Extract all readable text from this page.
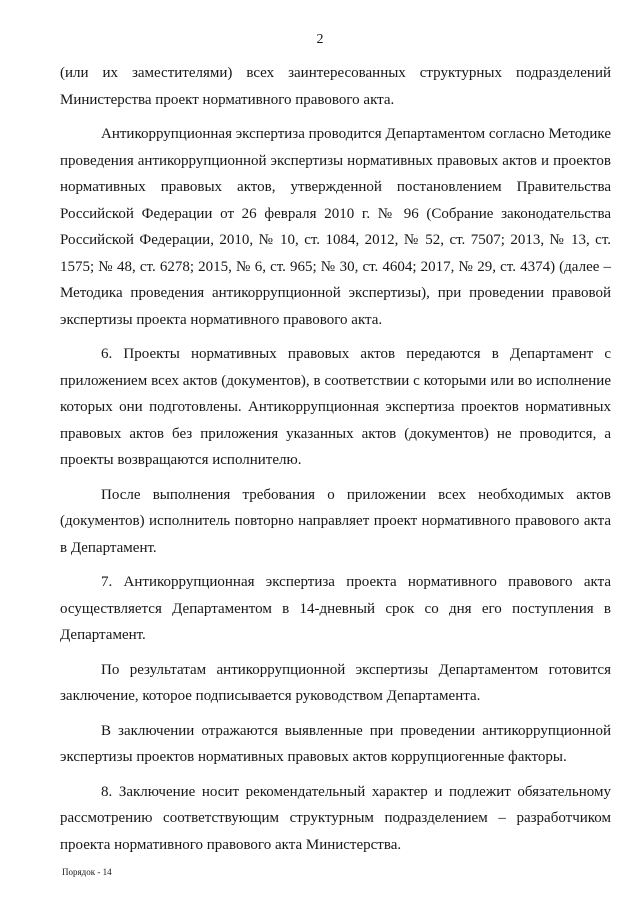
2

(или их заместителями) всех заинтересованных структурных подразделений Министерства проект нормативного правового акта.

Антикоррупционная экспертиза проводится Департаментом согласно Методике проведения антикоррупционной экспертизы нормативных правовых актов и проектов нормативных правовых актов, утвержденной постановлением Правительства Российской Федерации от 26 февраля 2010 г. № 96 (Собрание законодательства Российской Федерации, 2010, № 10, ст. 1084, 2012, № 52, ст. 7507; 2013, № 13, ст. 1575; № 48, ст. 6278; 2015, № 6, ст. 965; № 30, ст. 4604; 2017, № 29, ст. 4374) (далее – Методика проведения антикоррупционной экспертизы), при проведении правовой экспертизы проекта нормативного правового акта.

6. Проекты нормативных правовых актов передаются в Департамент с приложением всех актов (документов), в соответствии с которыми или во исполнение которых они подготовлены. Антикоррупционная экспертиза проектов нормативных правовых актов без приложения указанных актов (документов) не проводится, а проекты возвращаются исполнителю.

После выполнения требования о приложении всех необходимых актов (документов) исполнитель повторно направляет проект нормативного правового акта в Департамент.

7. Антикоррупционная экспертиза проекта нормативного правового акта осуществляется Департаментом в 14-дневный срок со дня его поступления в Департамент.

По результатам антикоррупционной экспертизы Департаментом готовится заключение, которое подписывается руководством Департамента.

В заключении отражаются выявленные при проведении антикоррупционной экспертизы проектов нормативных правовых актов коррупциогенные факторы.

8. Заключение носит рекомендательный характер и подлежит обязательному рассмотрению соответствующим структурным подразделением – разработчиком проекта нормативного правового акта Министерства.

Порядок - 14
